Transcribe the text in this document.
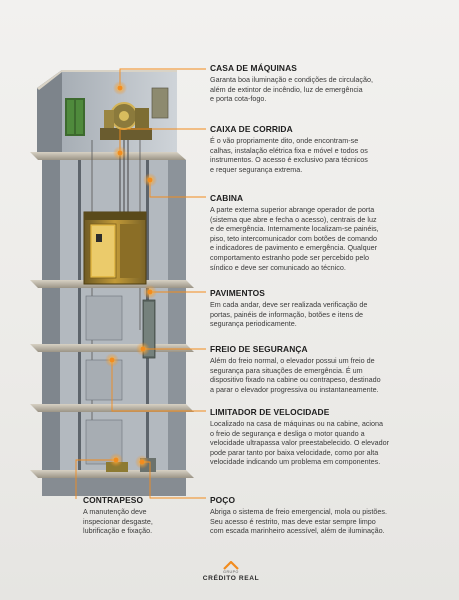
CASA DE MÁQUINAS

Garanta boa iluminação e condições de circulação,
além de extintor de incêndio, luz de emergência
e porta cota-fogo.

CAIXA DE CORRIDA

É o vão propriamente dito, onde encontram-se
calhas, instalação elétrica fixa e móvel e todos os
instrumentos. O acesso é exclusivo para técnicos
e requer segurança extrema.

CABINA

A parte externa superior abrange operador de porta
(sistema que abre e fecha o acesso), centrais de luz
e de emergência. Internamente localizam-se painéis,
piso, teto intercomunicador com botões de comando
e indicadores de pavimento e emergência. Qualquer
comportamento estranho pode ser percebido pelo
síndico e deve ser comunicado ao técnico.

PAVIMENTOS

Em cada andar, deve ser realizada verificação de
portas, painéis de informação, botões e itens de
segurança periodicamente.

FREIO DE SEGURANÇA

Além do freio normal, o elevador possui um freio de
segurança para situações de emergência. É um
dispositivo fixado na cabine ou contrapeso, destinado
a parar o elevador progressiva ou instantaneamente.

LIMITADOR DE VELOCIDADE

Localizado na casa de máquinas ou na cabine, aciona
o freio de segurança e desliga o motor quando a
velocidade ultrapassa valor preestabelecido. O elevador
pode parar tanto por baixa velocidade, como por alta
velocidade indicando um problema em componentes.

POÇO

Abriga o sistema de freio emergencial, mola ou pistões.
Seu acesso é restrito, mas deve estar sempre limpo
com escada marinheiro acessível, além de iluminação.

CONTRAPESO

A manutenção deve
inspecionar desgaste,
lubrificação e fixação.

GRUPO
CRÉDITO REAL
